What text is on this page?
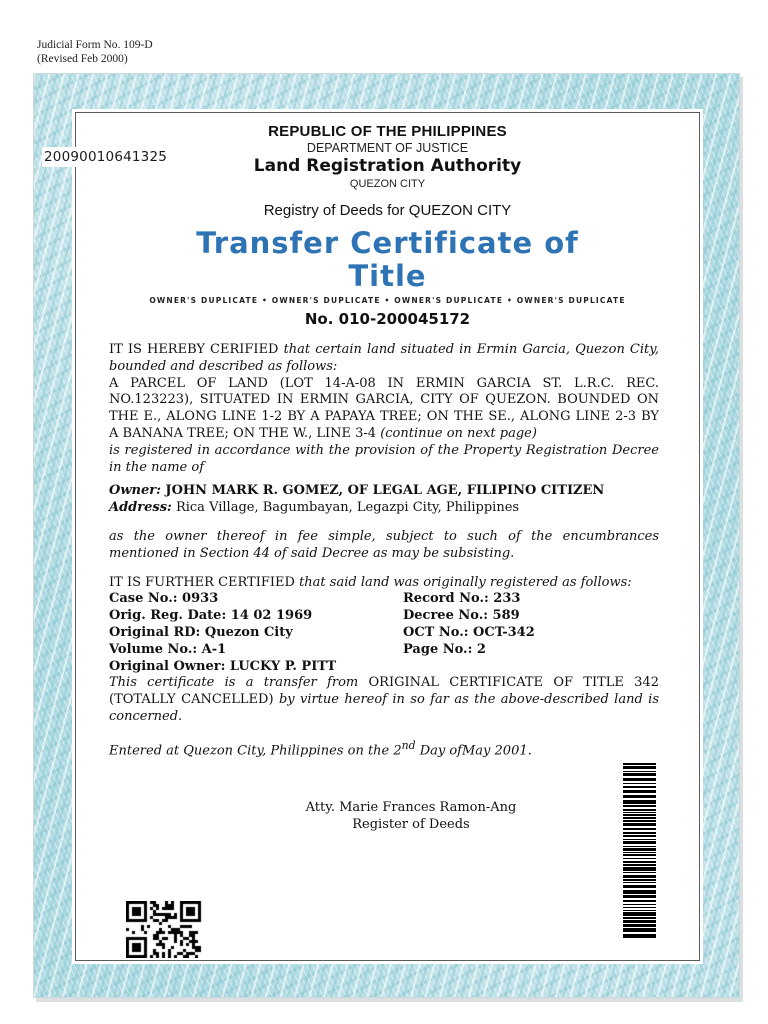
Judicial Form No. 109-D
(Revised Feb 2000)
20090010641325
REPUBLIC OF THE PHILIPPINES
DEPARTMENT OF JUSTICE
Land Registration Authority
QUEZON CITY
Registry of Deeds for QUEZON CITY
Transfer Certificate of
Title
OWNER'S DUPLICATE • OWNER'S DUPLICATE • OWNER'S DUPLICATE • OWNER'S DUPLICATE
No. 010-200045172

IT IS HEREBY CERIFIED that certain land situated in Ermin Garcia, Quezon City, bounded and described as follows:
A PARCEL OF LAND (LOT 14-A-08 IN ERMIN GARCIA ST. L.R.C. REC. NO.123223), SITUATED IN ERMIN GARCIA, CITY OF QUEZON. BOUNDED ON THE E., ALONG LINE 1-2 BY A PAPAYA TREE; ON THE SE., ALONG LINE 2-3 BY A BANANA TREE; ON THE W., LINE 3-4 (continue on next page)
is registered in accordance with the provision of the Property Registration Decree in the name of

Owner: JOHN MARK R. GOMEZ, OF LEGAL AGE, FILIPINO CITIZEN
Address: Rica Village, Bagumbayan, Legazpi City, Philippines

as the owner thereof in fee simple, subject to such of the encumbrances mentioned in Section 44 of said Decree as may be subsisting.

IT IS FURTHER CERTIFIED that said land was originally registered as follows:

Case No.: 0933	Record No.: 233
Orig. Reg. Date: 14 02 1969	Decree No.: 589
Original RD: Quezon City	OCT No.: OCT-342
Volume No.: A-1	Page No.: 2
Original Owner: LUCKY P. PITT

This certificate is a transfer from ORIGINAL CERTIFICATE OF TITLE 342 (TOTALLY CANCELLED) by virtue hereof in so far as the above-described land is concerned.

Entered at Quezon City, Philippines on the 2nd Day ofMay 2001.

Atty. Marie Frances Ramon-Ang
Register of Deeds
